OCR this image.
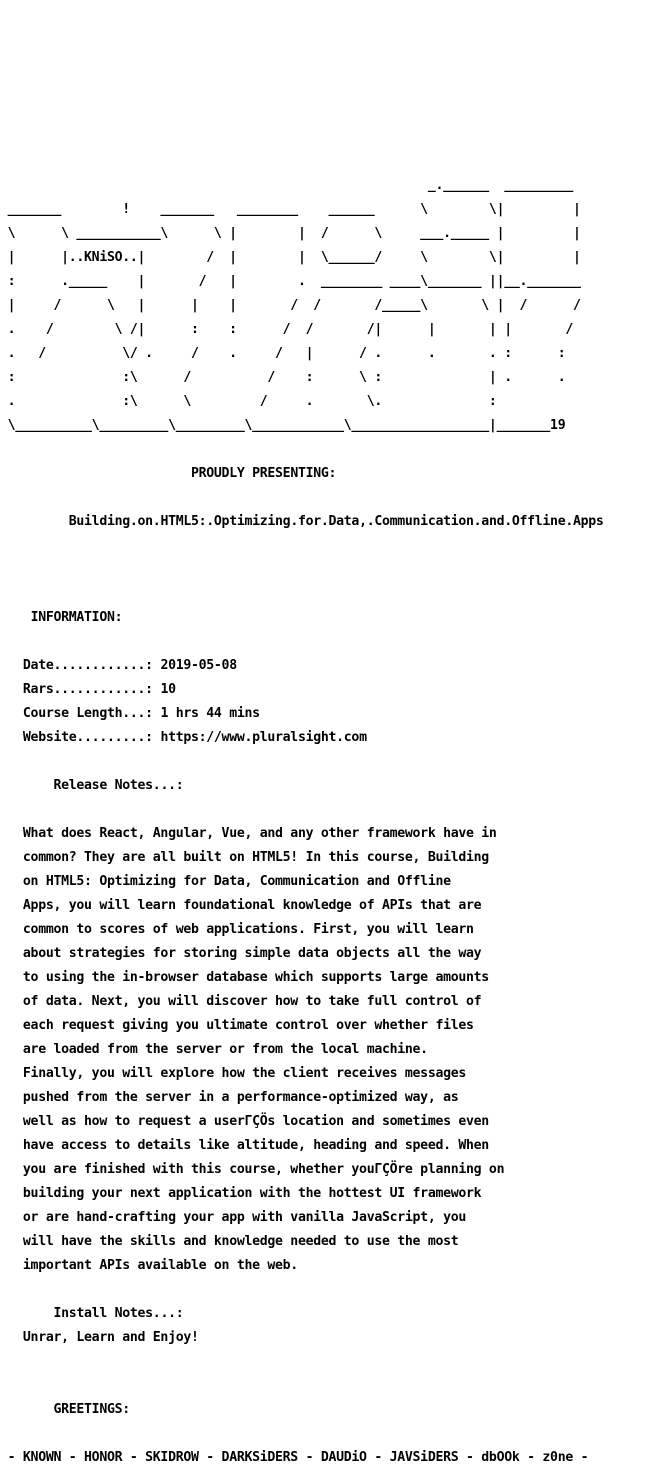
_.______  _________

_______        !    _______   ________    ______      \        \|         |

\      \ ___________\      \ |        |  /      \     ___._____ |         |

|      |..KNiSO..|        /  |        |  \______/     \        \|         |

:      ._____    |       /   |        .  ________ ____\_______ ||__._______

|     /      \   |      |    |       /  /       /_____\       \ |  /      /

.    /        \ /|      :    :      /  /       /|      |       | |       /

.   /          \/ .     /    .     /   |      / .      .       . :      :

:              :\      /          /    :      \ :              | .      .

.              :\      \         /     .       \.              :

\__________\_________\_________\____________\__________________|_______19

PROUDLY PRESENTING:

Building.on.HTML5:.Optimizing.for.Data,.Communication.and.Offline.Apps

INFORMATION:

Date............: 2019-05-08

Rars............: 10

Course Length...: 1 hrs 44 mins

Website.........: https://www.pluralsight.com

Release Notes...:

What does React, Angular, Vue, and any other framework have in

common? They are all built on HTML5! In this course, Building

on HTML5: Optimizing for Data, Communication and Offline

Apps, you will learn foundational knowledge of APIs that are

common to scores of web applications. First, you will learn

about strategies for storing simple data objects all the way

to using the in-browser database which supports large amounts

of data. Next, you will discover how to take full control of

each request giving you ultimate control over whether files

are loaded from the server or from the local machine.

Finally, you will explore how the client receives messages

pushed from the server in a performance-optimized way, as

well as how to request a userΓÇÖs location and sometimes even

have access to details like altitude, heading and speed. When

you are finished with this course, whether youΓÇÖre planning on

building your next application with the hottest UI framework

or are hand-crafting your app with vanilla JavaScript, you

will have the skills and knowledge needed to use the most

important APIs available on the web.

Install Notes...:

Unrar, Learn and Enjoy!

GREETINGS:

- KNOWN - HONOR - SKIDROW - DARKSiDERS - DAUDiO - JAVSiDERS - dbOOk - z0ne -
